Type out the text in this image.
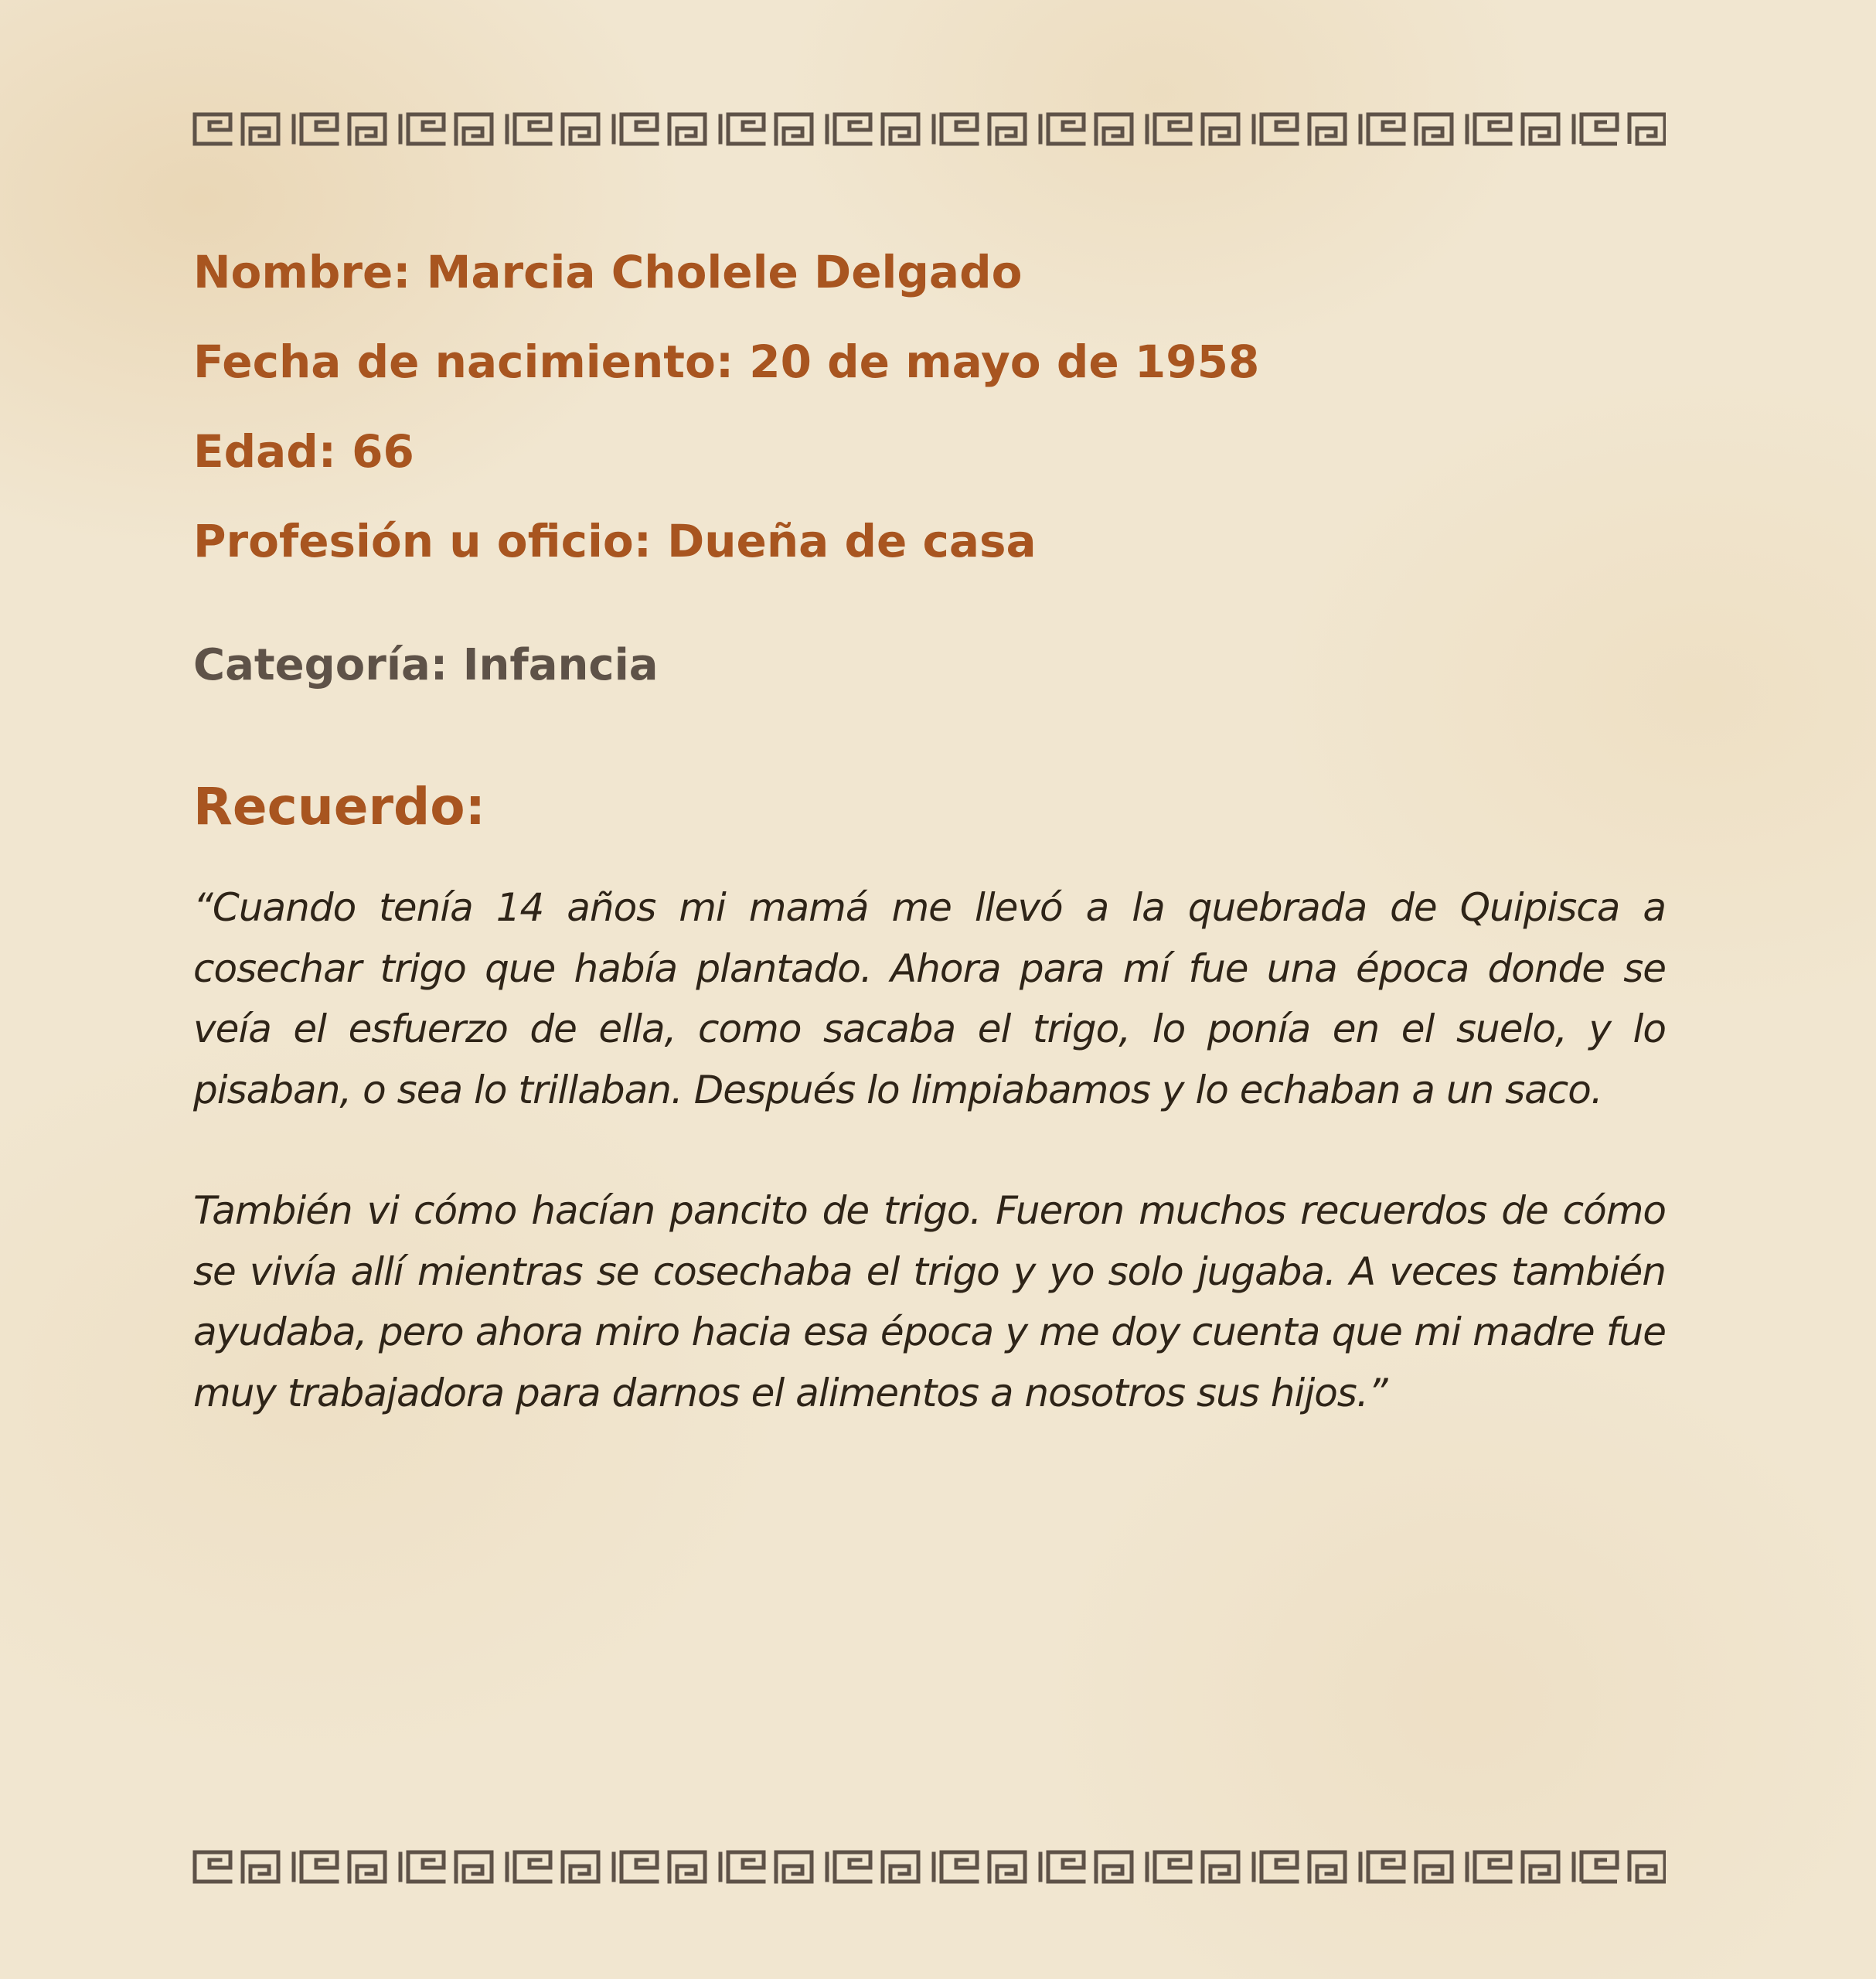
Nombre: Marcia Cholele Delgado
Fecha de nacimiento: 20 de mayo de 1958
Edad: 66
Profesión u oficio: Dueña de casa
Categoría: Infancia
Recuerdo:

“Cuando tenía 14 años mi mamá me llevó a la quebrada de Quipisca a cosechar trigo que había plantado. Ahora para mí fue una época donde se veía el esfuerzo de ella, como sacaba el trigo, lo ponía en el suelo, y lo pisaban, o sea lo trillaban. Después lo limpiabamos y lo echaban a un saco.

También vi cómo hacían pancito de trigo. Fueron muchos recuerdos de cómo se vivía allí mientras se cosechaba el trigo y yo solo jugaba. A veces también ayudaba, pero ahora miro hacia esa época y me doy cuenta que mi madre fue muy trabajadora para darnos el alimentos a nosotros sus hijos.”
